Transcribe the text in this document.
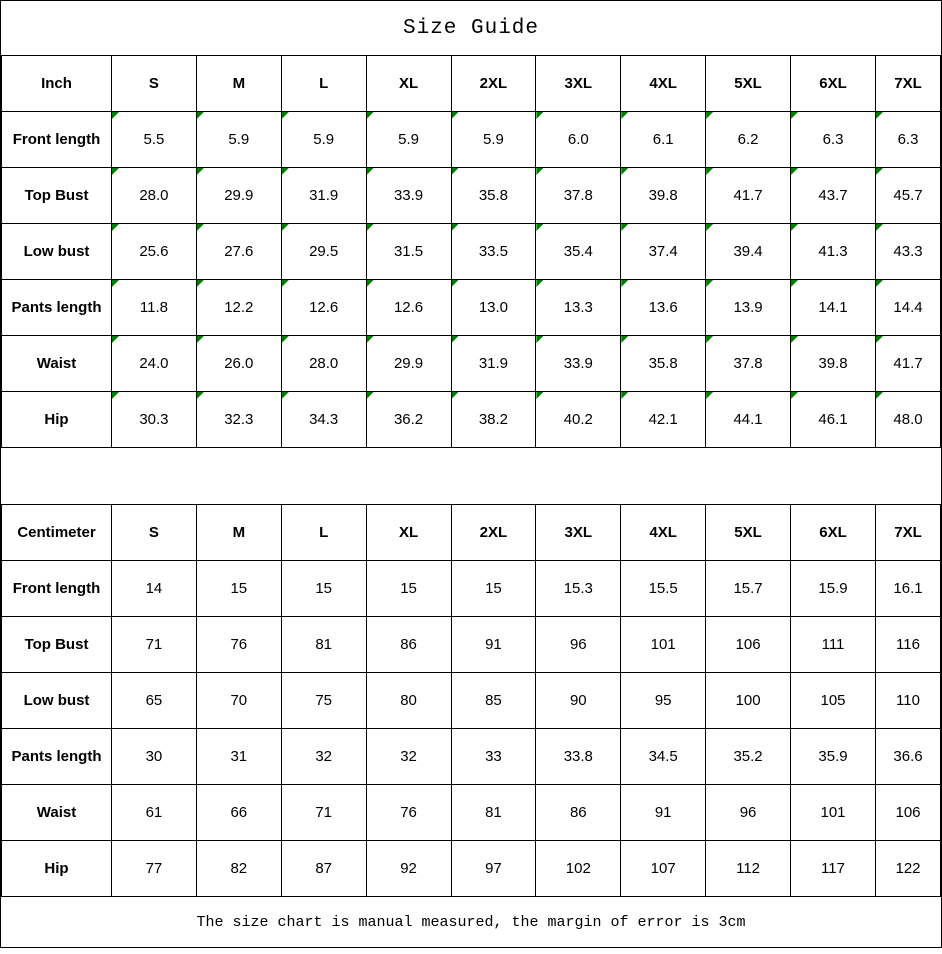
Size Guide
Inch	S	M	L	XL	2XL	3XL	4XL	5XL	6XL	7XL
Front length	5.5	5.9	5.9	5.9	5.9	6.0	6.1	6.2	6.3	6.3

Top Bust	28.0	29.9	31.9	33.9	35.8	37.8	39.8	41.7	43.7	45.7

Low bust	25.6	27.6	29.5	31.5	33.5	35.4	37.4	39.4	41.3	43.3

Pants length	11.8	12.2	12.6	12.6	13.0	13.3	13.6	13.9	14.1	14.4

Waist	24.0	26.0	28.0	29.9	31.9	33.9	35.8	37.8	39.8	41.7

Hip	30.3	32.3	34.3	36.2	38.2	40.2	42.1	44.1	46.1	48.0
Centimeter	S	M	L	XL	2XL	3XL	4XL	5XL	6XL	7XL
Front length	14	15	15	15	15	15.3	15.5	15.7	15.9	16.1
Top Bust	71	76	81	86	91	96	101	106	111	116
Low bust	65	70	75	80	85	90	95	100	105	110
Pants length	30	31	32	32	33	33.8	34.5	35.2	35.9	36.6
Waist	61	66	71	76	81	86	91	96	101	106
Hip	77	82	87	92	97	102	107	112	117	122
The size chart is manual measured, the margin of error is 3cm
